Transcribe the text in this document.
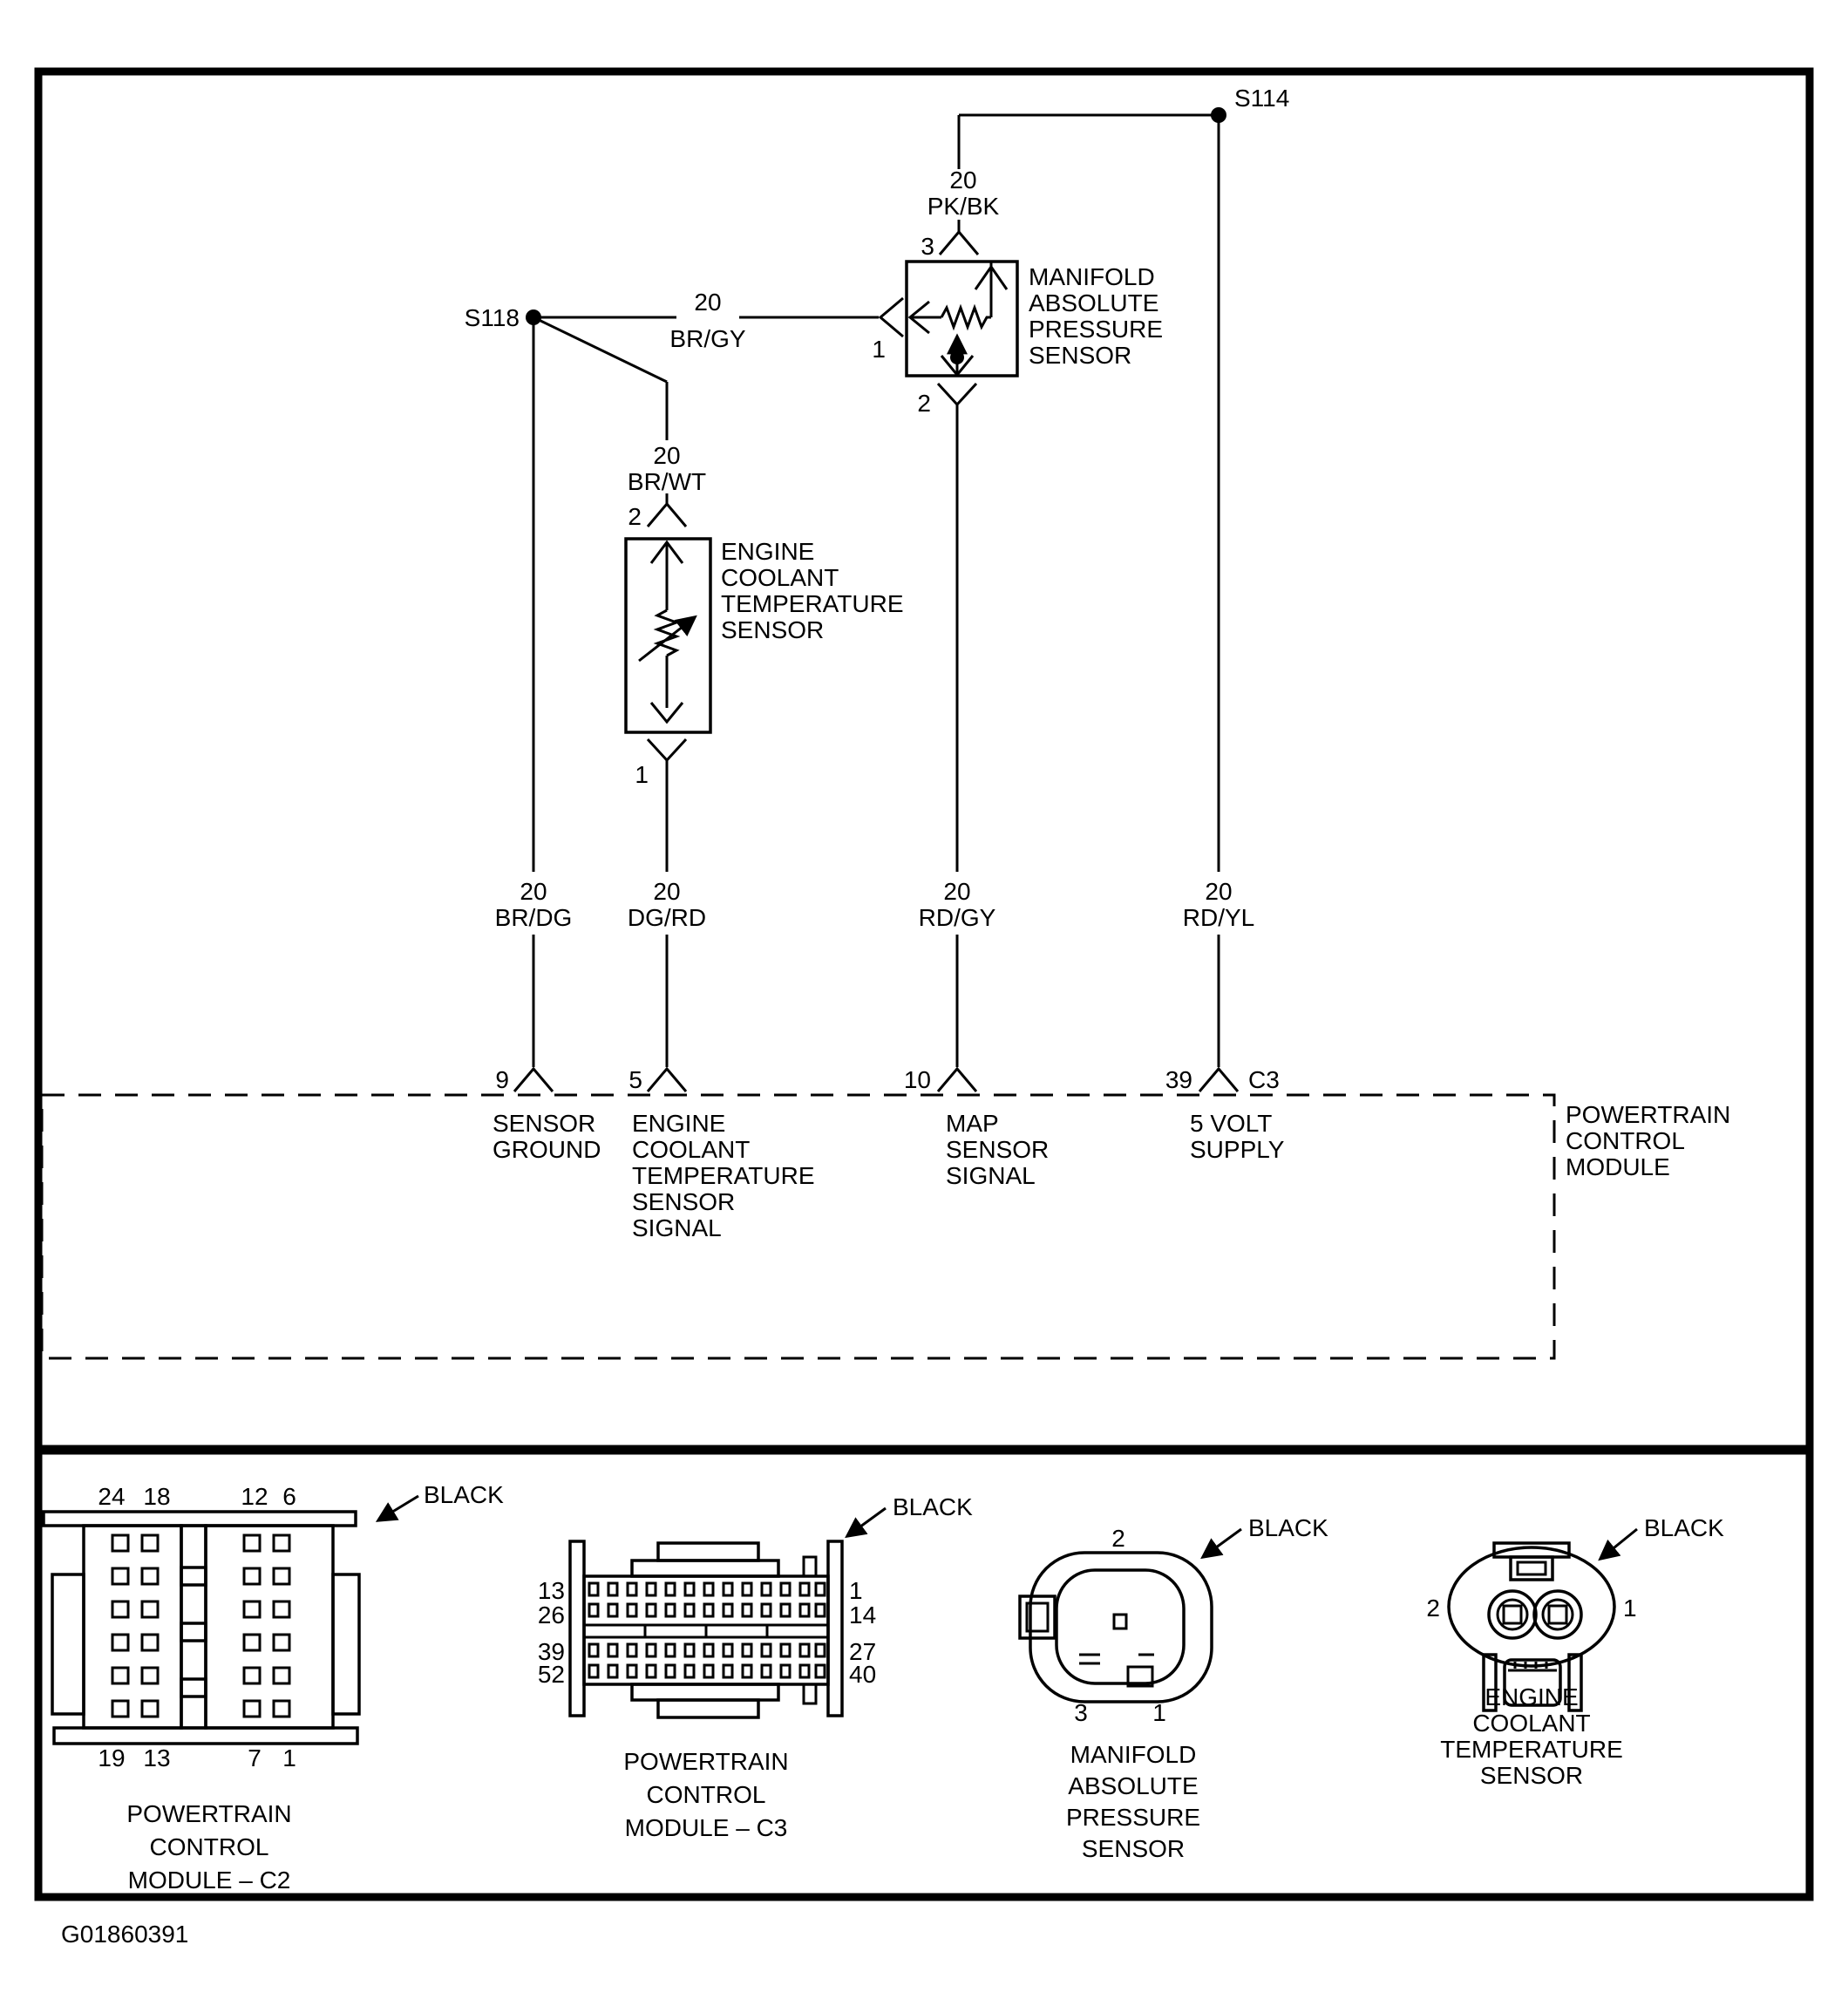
S114
20
PK/BK
3
MANIFOLD
ABSOLUTE
PRESSURE
SENSOR
20
BR/GY	1
2
20
RD/GY
S118
20
BR/WT
2
ENGINE
COOLANT
TEMPERATURE
SENSOR
1
20
DG/RD
20
BR/DG
20
RD/YL
POWERTRAIN
CONTROL
MODULE
9
SENSOR
GROUND
5
ENGINE
COOLANT
TEMPERATURE
SENSOR
SIGNAL
10
MAP
SENSOR
SIGNAL
39 C3
5 VOLT
SUPPLY
BLACK
24 18	12 6
19 13	7 1
POWERTRAIN
CONTROL
MODULE – C2
BLACK
13
26
39
52
1
14
27
40
POWERTRAIN
CONTROL
MODULE – C3
BLACK
2
3	1
MANIFOLD
ABSOLUTE
PRESSURE
SENSOR
BLACK
2	1
ENGINE
COOLANT
TEMPERATURE
SENSOR
G01860391
